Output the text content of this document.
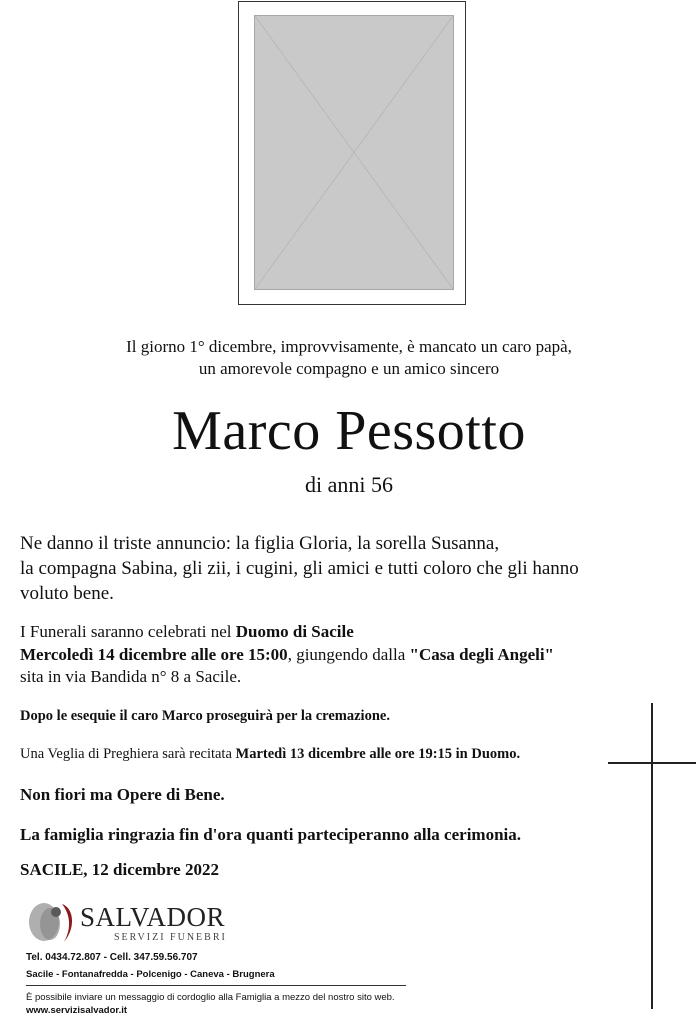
Il giorno 1° dicembre, improvvisamente, è mancato un caro papà,
un amorevole compagno e un amico sincero
Marco Pessotto
di anni 56
Ne danno il triste annuncio: la figlia Gloria, la sorella Susanna,
la compagna Sabina, gli zii, i cugini, gli amici e tutti coloro che gli hanno
voluto bene.
I Funerali saranno celebrati nel Duomo di Sacile
Mercoledì 14 dicembre alle ore 15:00, giungendo dalla "Casa degli Angeli"
sita in via Bandida n° 8 a Sacile.
Dopo le esequie il caro Marco proseguirà per la cremazione.
Una Veglia di Preghiera sarà recitata Martedì 13 dicembre alle ore 19:15 in Duomo.
Non fiori ma Opere di Bene.
La famiglia ringrazia fin d'ora quanti parteciperanno alla cerimonia.
SACILE, 12 dicembre 2022
SALVADOR
SERVIZI FUNEBRI
Tel. 0434.72.807 - Cell. 347.59.56.707
Sacile - Fontanafredda - Polcenigo - Caneva - Brugnera
È possibile inviare un messaggio di cordoglio alla Famiglia a mezzo del nostro sito web.
www.servizisalvador.it
